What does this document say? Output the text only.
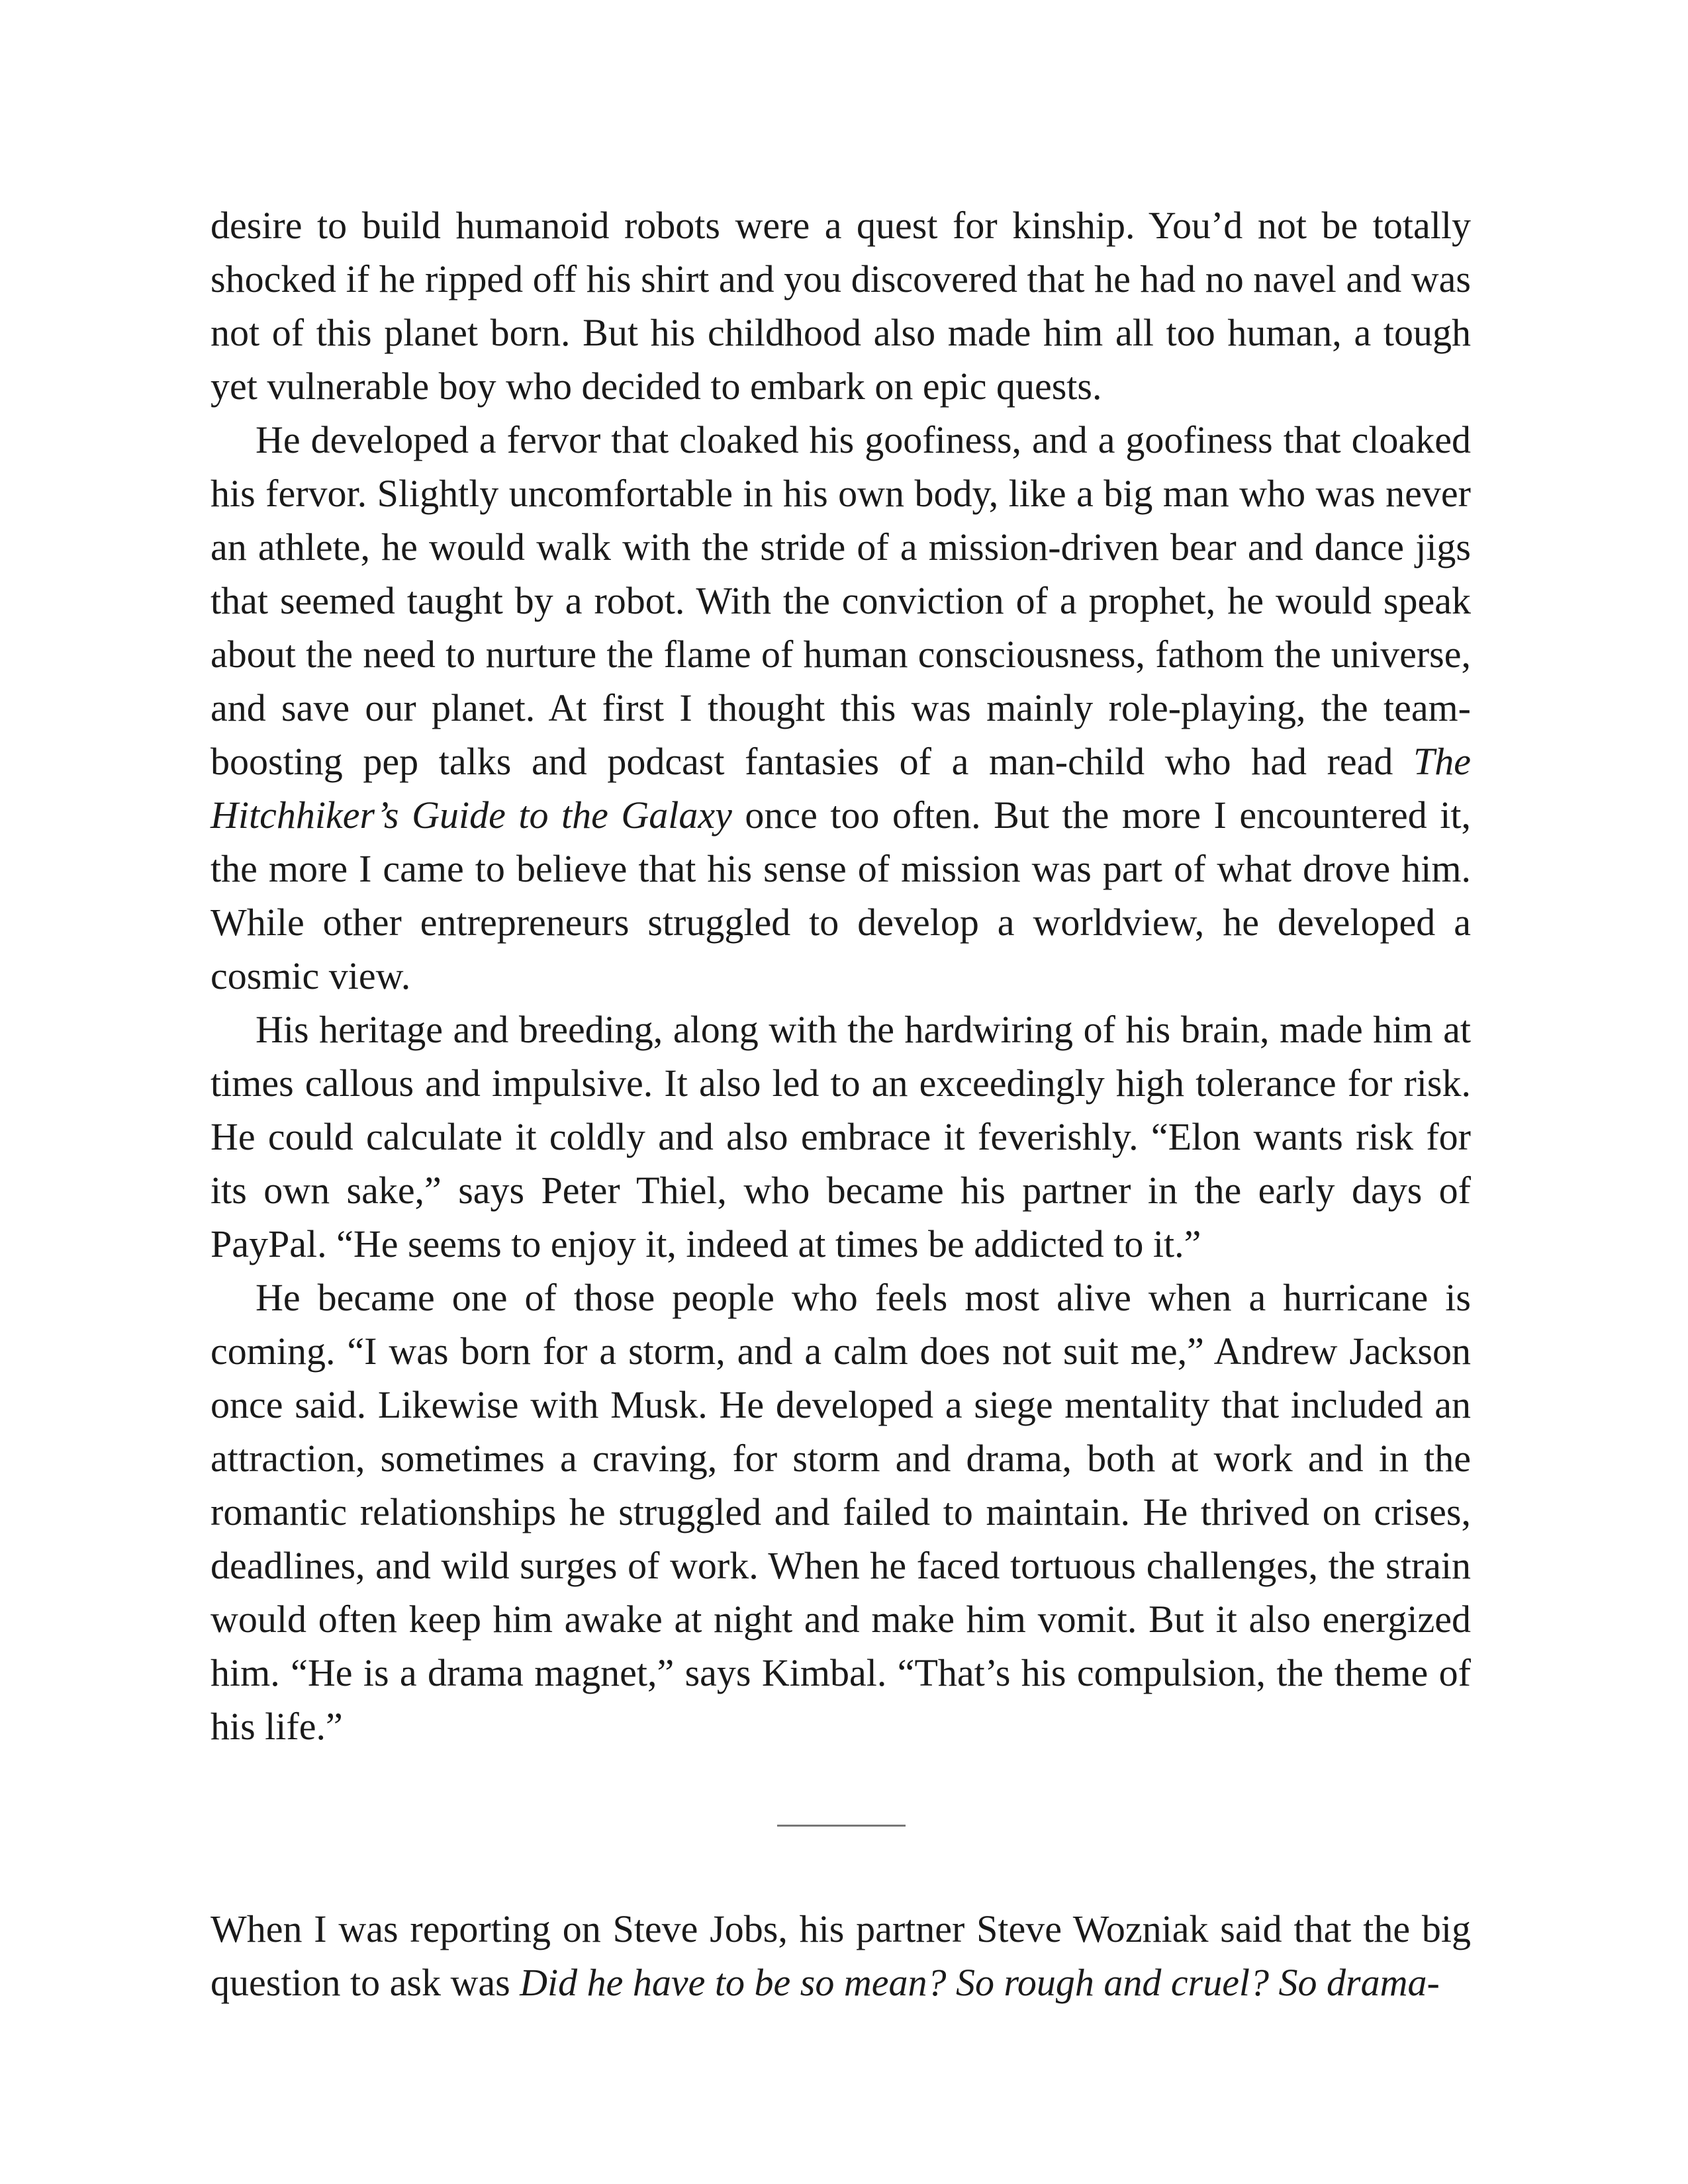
desire to build humanoid robots were a quest for kinship. You’d not be totally shocked if he ripped off his shirt and you discovered that he had no navel and was not of this planet born. But his childhood also made him all too human, a tough yet vulnerable boy who decided to embark on epic quests.

He developed a fervor that cloaked his goofiness, and a goofiness that cloaked his fervor. Slightly uncomfortable in his own body, like a big man who was never an athlete, he would walk with the stride of a mission-driven bear and dance jigs that seemed taught by a robot. With the conviction of a prophet, he would speak about the need to nurture the flame of human consciousness, fathom the universe, and save our planet. At first I thought this was mainly role-playing, the team-boosting pep talks and podcast fantasies of a man-child who had read The Hitchhiker’s Guide to the Galaxy once too often. But the more I encountered it, the more I came to believe that his sense of mission was part of what drove him. While other entrepreneurs struggled to develop a worldview, he developed a cosmic view.

His heritage and breeding, along with the hardwiring of his brain, made him at times callous and impulsive. It also led to an exceedingly high tolerance for risk. He could calculate it coldly and also embrace it feverishly. “Elon wants risk for its own sake,” says Peter Thiel, who became his partner in the early days of PayPal. “He seems to enjoy it, indeed at times be addicted to it.”

He became one of those people who feels most alive when a hurricane is coming. “I was born for a storm, and a calm does not suit me,” Andrew Jackson once said. Likewise with Musk. He developed a siege mentality that included an attraction, sometimes a craving, for storm and drama, both at work and in the romantic relationships he struggled and failed to maintain. He thrived on crises, deadlines, and wild surges of work. When he faced tortuous challenges, the strain would often keep him awake at night and make him vomit. But it also energized him. “He is a drama magnet,” says Kimbal. “That’s his compulsion, the theme of his life.”

When I was reporting on Steve Jobs, his partner Steve Wozniak said that the big question to ask was Did he have to be so mean? So rough and cruel? So drama-
